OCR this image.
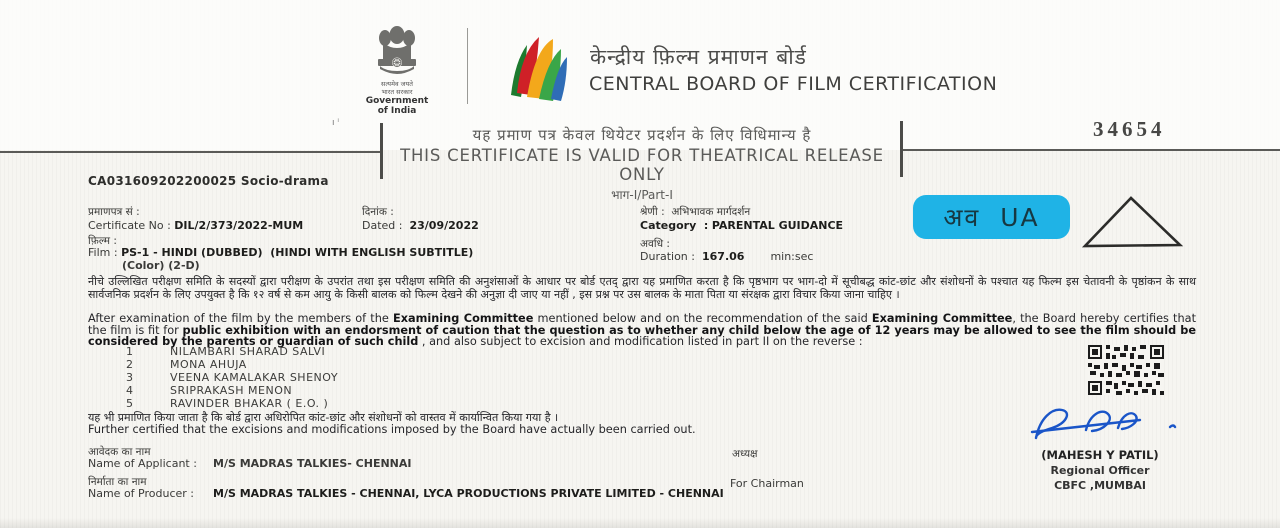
सत्यमेव जयते
भारत सरकार
Government of India
केन्द्रीय फ़िल्म प्रमाणन बोर्ड
CENTRAL BOARD OF FILM CERTIFICATION
34654
ı ⁱ
यह प्रमाण पत्र केवल थियेटर प्रदर्शन के लिए विधिमान्य है
THIS CERTIFICATE IS VALID FOR THEATRICAL RELEASE ONLY
भाग-I/Part-I
CA031609202200025 Socio-drama
प्रमाणपत्र सं :
Certificate No : DIL/2/373/2022-MUM
दिनांक :
Dated : 23/09/2022
श्रेणी : अभिभावक मार्गदर्शन
Category  : PARENTAL GUIDANCE
फ़िल्म :
Film : PS-1 - HINDI (DUBBED)  (HINDI WITH ENGLISH SUBTITLE)
(Color) (2-D)
अवधि :
Duration : 167.06 min:sec
अव
UA
नीचे उल्लिखित परीक्षण समिति के सदस्यों द्वारा परीक्षण के उपरांत तथा इस परीक्षण समिति की अनुशंसाओं के आधार पर बोर्ड एतद् द्वारा यह प्रमाणित करता है कि पृष्ठभाग पर भाग-दो में सूचीबद्ध कांट-छांट और संशोधनों के पश्चात यह फिल्म इस चेतावनी के पृष्ठांकन के साथ सार्वजनिक प्रदर्शन के लिए उपयुक्त है कि १२ वर्ष से कम आयु के किसी बालक को फिल्म देखने की अनुज्ञा दी जाए या नहीं , इस प्रश्न पर उस बालक के माता पिता या संरक्षक द्वारा विचार किया जाना चाहिए ।
After examination of the film by the members of the Examining Committee mentioned below and on the recommendation of the said Examining Committee, the Board hereby certifies that the film is fit for public exhibition with an endorsment of caution that the question as to whether any child below the age of 12 years may be allowed to see the film should be considered by the parents or guardian of such child , and also subject to excision and modification listed in part II on the reverse :
1	NILAMBARI SHARAD SALVI
2	MONA AHUJA
3	VEENA KAMALAKAR SHENOY
4	SRIPRAKASH MENON
5	RAVINDER BHAKAR ( E.O. )
यह भी प्रमाणित किया जाता है कि बोर्ड द्वारा अधिरोपित कांट-छांट और संशोधनों को वास्तव में कार्यान्वित किया गया है ।
Further certified that the excisions and modifications imposed by the Board have actually been carried out.
आवेदक का नाम
Name of Applicant : M/S MADRAS TALKIES- CHENNAI
निर्माता का नाम
Name of Producer : M/S MADRAS TALKIES - CHENNAI, LYCA PRODUCTIONS PRIVATE LIMITED - CHENNAI
अध्यक्ष
For Chairman
(MAHESH Y PATIL)
Regional Officer
CBFC ,MUMBAI
